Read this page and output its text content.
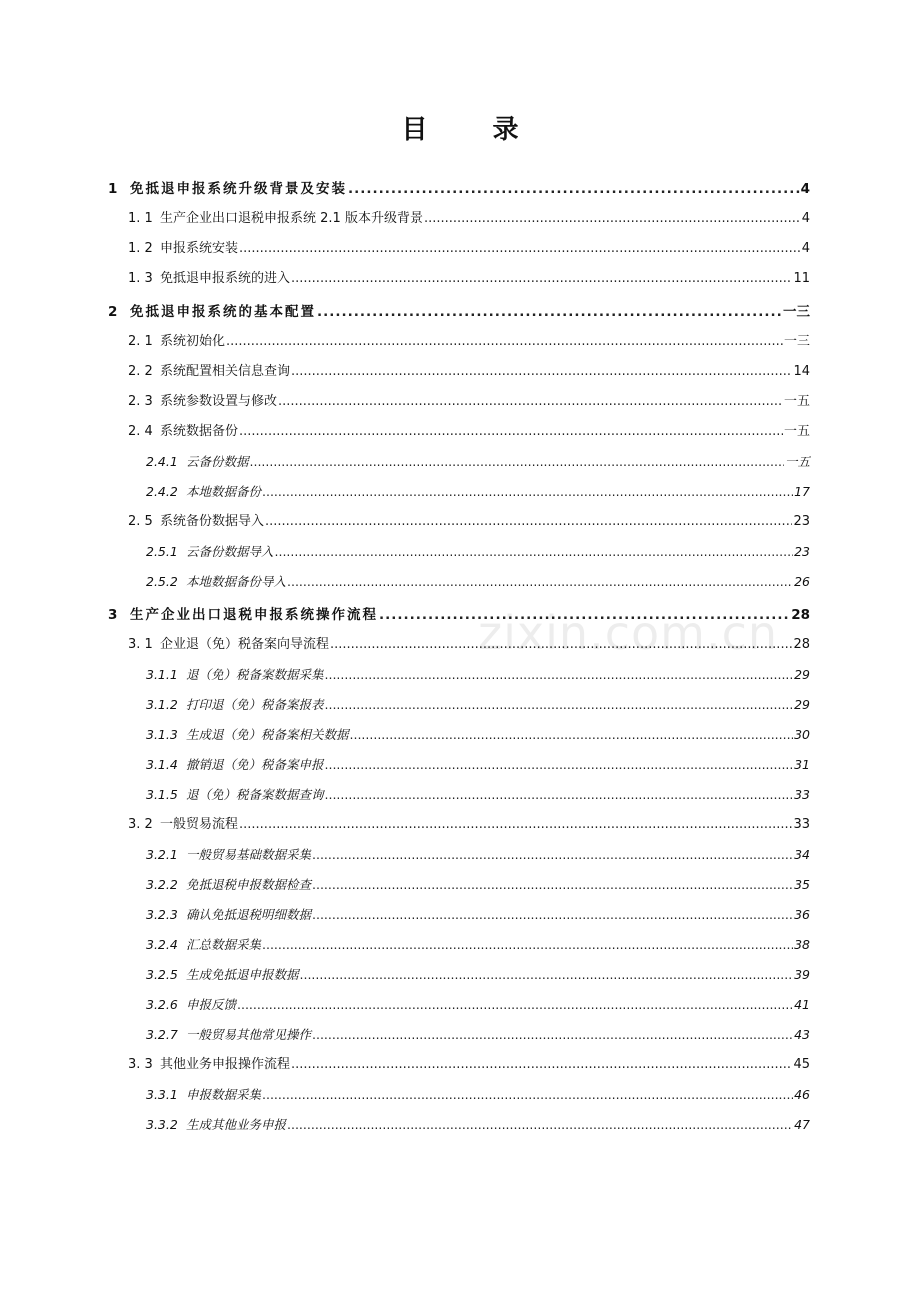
目 录
1 免抵退申报系统升级背景及安装 .....	4
1. 1 生产企业出口退税申报系统 2.1 版本升级背景 .....	4
1. 2 申报系统安装 .....	4
1. 3 免抵退申报系统的进入 .....	11
2 免抵退申报系统的基本配置 .....	一三
2. 1 系统初始化 .....	一三
2. 2 系统配置相关信息查询 .....	14
2. 3 系统参数设置与修改 .....	一五
2. 4 系统数据备份 .....	一五
2.4.1 云备份数据 .....	一五
2.4.2 本地数据备份 .....	17
2. 5 系统备份数据导入 .....	23
2.5.1 云备份数据导入 .....	23
2.5.2 本地数据备份导入 .....	26
3 生产企业出口退税申报系统操作流程 .....	28
3. 1 企业退（免）税备案向导流程 .....	28
3.1.1 退（免）税备案数据采集 .....	29
3.1.2 打印退（免）税备案报表 .....	29
3.1.3 生成退（免）税备案相关数据 .....	30
3.1.4 撤销退（免）税备案申报 .....	31
3.1.5 退（免）税备案数据查询 .....	33
3. 2 一般贸易流程 .....	33
3.2.1 一般贸易基础数据采集 .....	34
3.2.2 免抵退税申报数据检查 .....	35
3.2.3 确认免抵退税明细数据 .....	36
3.2.4 汇总数据采集 .....	38
3.2.5 生成免抵退申报数据 .....	39
3.2.6 申报反馈 .....	41
3.2.7 一般贸易其他常见操作 .....	43
3. 3 其他业务申报操作流程 .....	45
3.3.1 申报数据采集 .....	46
3.3.2 生成其他业务申报 .....	47
zixin.com.cn
